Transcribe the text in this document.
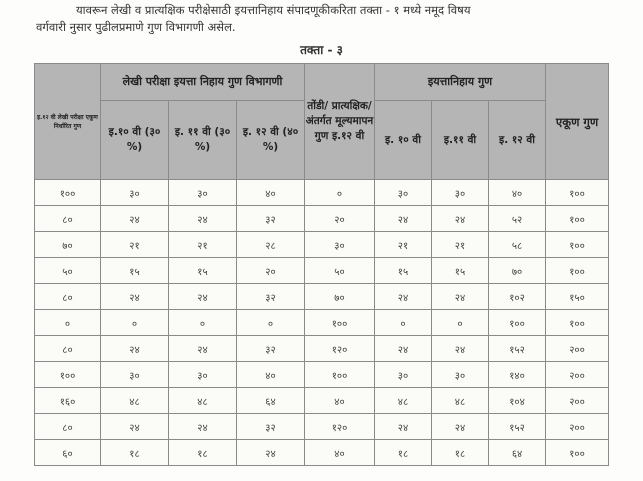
यावरून लेखी व प्रात्यक्षिक परीक्षेसाठी इयत्तानिहाय संपादणूकीकरिता तक्ता - १ मध्ये नमूद विषय

वर्गवारी नुसार पुढीलप्रमाणे गुण विभागणी असेल.

तक्ता - ३
इ.१२ वी लेखी परीक्षा एकूण निर्धारित गुण	लेखी परीक्षा इयत्ता निहाय गुण विभागणी			तोंडी/ प्रात्यक्षिक/ अंतर्गत मूल्यमापन गुण इ.१२ वी	इयत्तानिहाय गुण			एकूण गुण
	इ.१० वी (३० %)	इ. ११ वी (३० %)	इ. १२ वी (४० %)		इ. १० वी	इ.११ वी	इ. १२ वी	
१००	३०	३०	४०	०	३०	३०	४०	१००
८०	२४	२४	३२	२०	२४	२४	५२	१००
७०	२१	२१	२८	३०	२१	२१	५८	१००
५०	१५	१५	२०	५०	१५	१५	७०	१००
८०	२४	२४	३२	७०	२४	२४	१०२	१५०
०	०	०	०	१००	०	०	१००	१००
८०	२४	२४	३२	१२०	२४	२४	१५२	२००
१००	३०	३०	४०	१००	३०	३०	१४०	२००
१६०	४८	४८	६४	४०	४८	४८	१०४	२००
८०	२४	२४	३२	१२०	२४	२४	१५२	२००
६०	१८	१८	२४	४०	१८	१८	६४	१००
